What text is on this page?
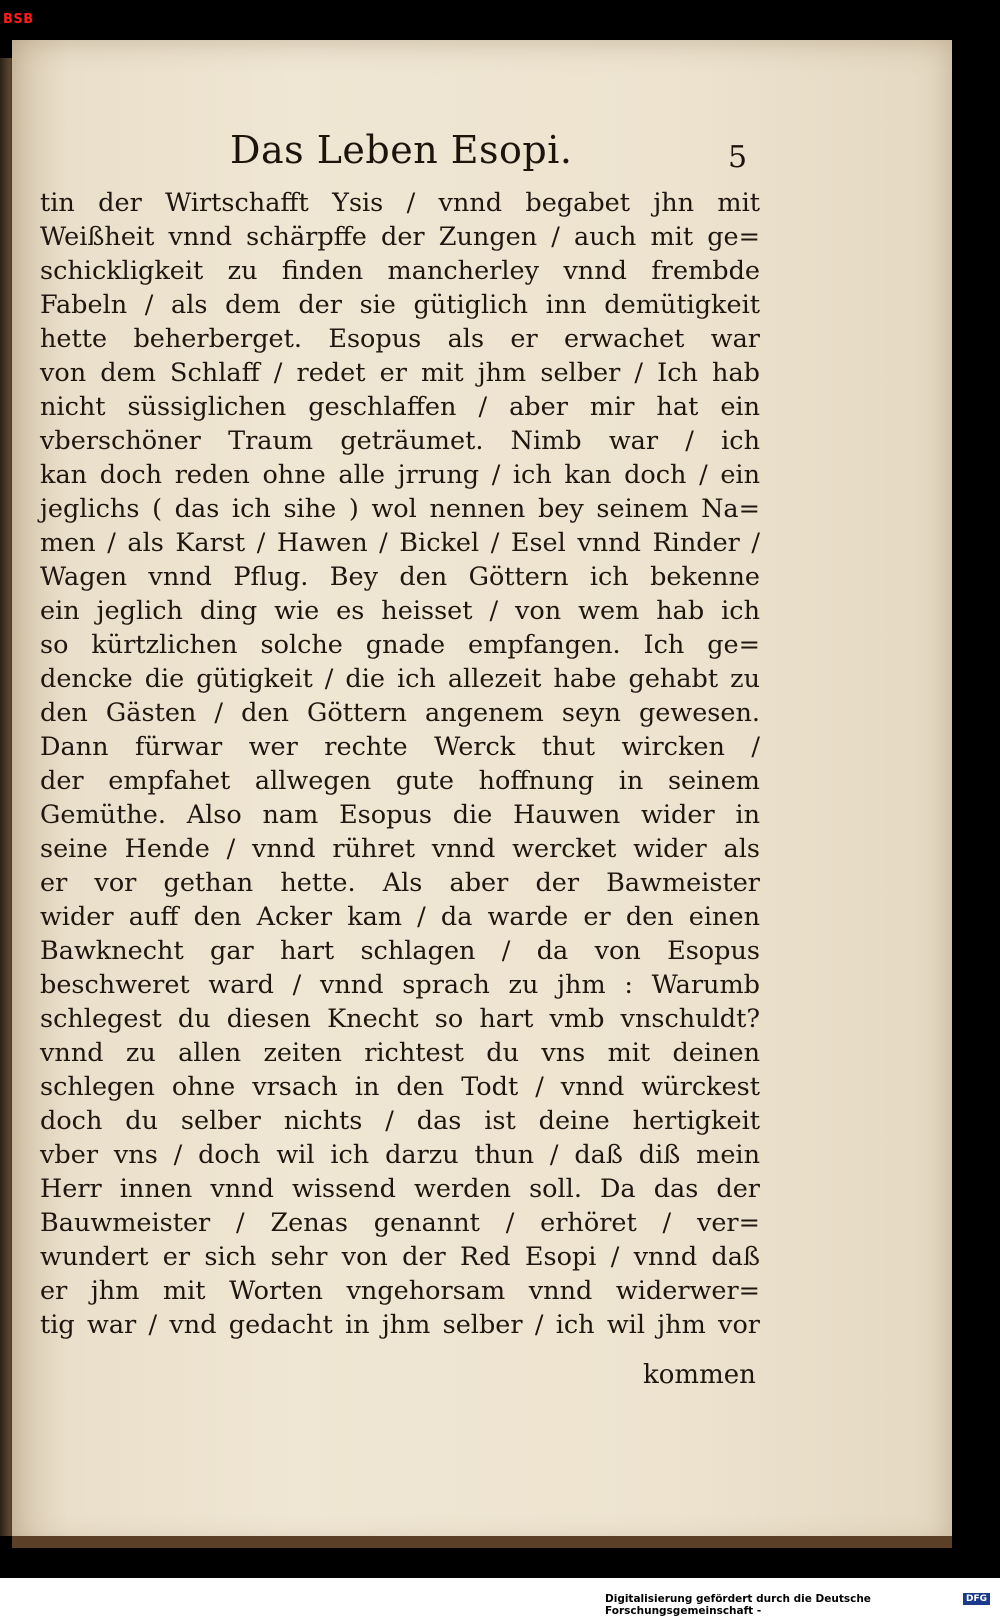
BSB
Das Leben Esopi.	5
tin der Wirtschafft Ysis / vnnd begabet jhn mit
Weißheit vnnd schärpffe der Zungen / auch mit ge=
schickligkeit zu finden mancherley vnnd frembde
Fabeln / als dem der sie gütiglich inn demütigkeit
hette beherberget. Esopus als er erwachet war
von dem Schlaff / redet er mit jhm selber / Ich hab
nicht süssiglichen geschlaffen / aber mir hat ein
vberschöner Traum geträumet. Nimb war / ich
kan doch reden ohne alle jrrung / ich kan doch / ein
jeglichs ( das ich sihe ) wol nennen bey seinem Na=
men / als Karst / Hawen / Bickel / Esel vnnd Rinder /
Wagen vnnd Pflug. Bey den Göttern ich bekenne
ein jeglich ding wie es heisset / von wem hab ich
so kürtzlichen solche gnade empfangen. Ich ge=
dencke die gütigkeit / die ich allezeit habe gehabt zu
den Gästen / den Göttern angenem seyn gewesen.
Dann fürwar wer rechte Werck thut wircken /
der empfahet allwegen gute hoffnung in seinem
Gemüthe. Also nam Esopus die Hauwen wider in
seine Hende / vnnd rühret vnnd wercket wider als
er vor gethan hette. Als aber der Bawmeister
wider auff den Acker kam / da warde er den einen
Bawknecht gar hart schlagen / da von Esopus
beschweret ward / vnnd sprach zu jhm : Warumb
schlegest du diesen Knecht so hart vmb vnschuldt?
vnnd zu allen zeiten richtest du vns mit deinen
schlegen ohne vrsach in den Todt / vnnd würckest
doch du selber nichts / das ist deine hertigkeit
vber vns / doch wil ich darzu thun / daß diß mein
Herr innen vnnd wissend werden soll. Da das der
Bauwmeister / Zenas genannt / erhöret / ver=
wundert er sich sehr von der Red Esopi / vnnd daß
er jhm mit Worten vngehorsam vnnd widerwer=
tig war / vnd gedacht in jhm selber / ich wil jhm vor
kommen
Digitalisierung gefördert durch die Deutsche Forschungsgemeinschaft -
DFG
